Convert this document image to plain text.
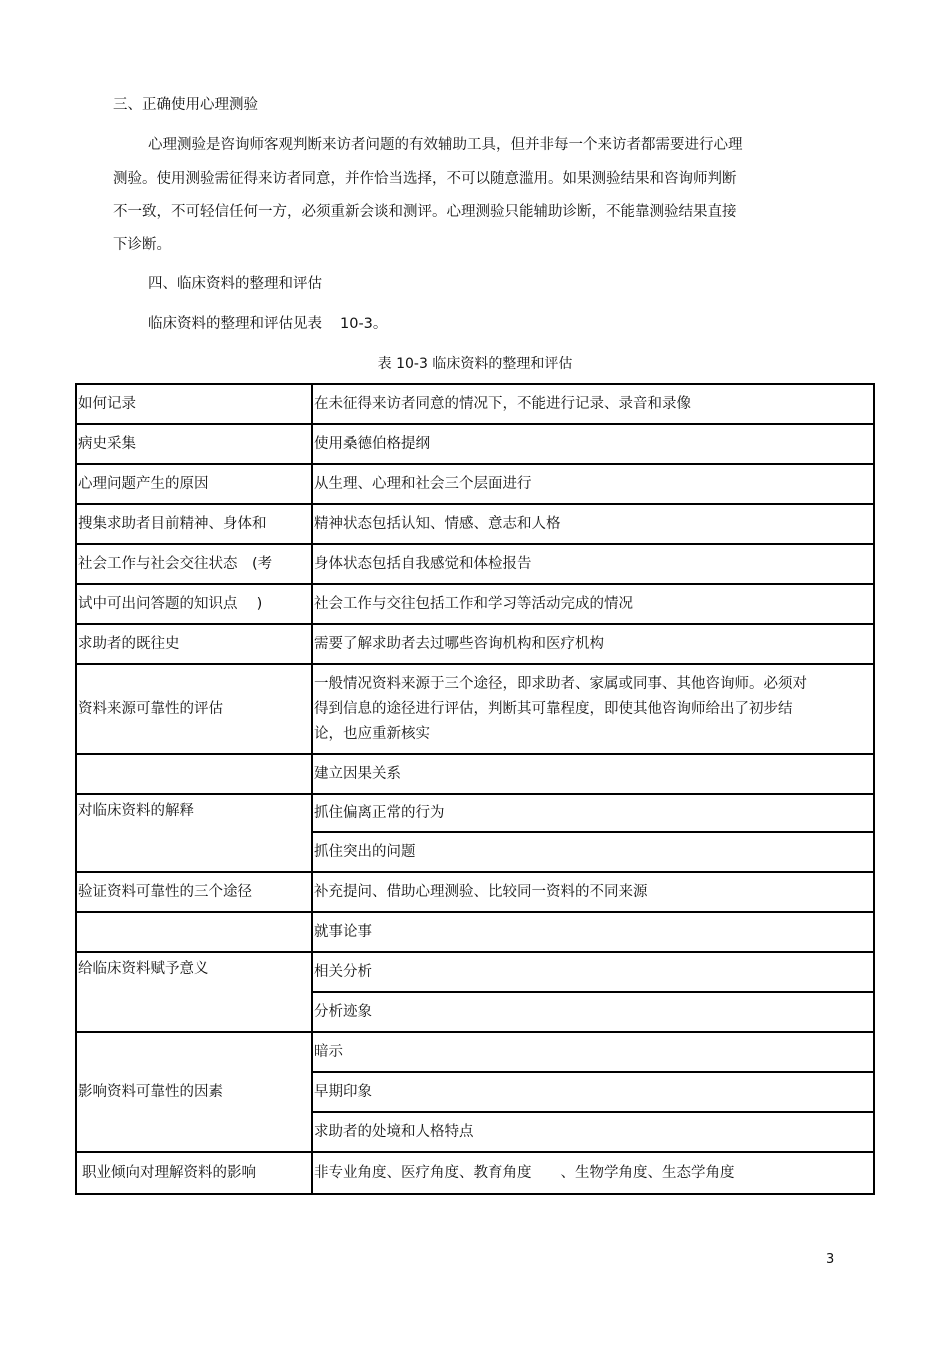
三、正确使用心理测验
心理测验是咨询师客观判断来访者问题的有效辅助工具，但并非每一个来访者都需要进行心理
测验。使用测验需征得来访者同意，并作恰当选择，不可以随意滥用。如果测验结果和咨询师判断
不一致，不可轻信任何一方，必须重新会谈和测评。心理测验只能辅助诊断，不能靠测验结果直接
下诊断。
四、临床资料的整理和评估
临床资料的整理和评估见表 10-3。
表 10-3 临床资料的整理和评估
如何记录	在未征得来访者同意的情况下，不能进行记录、录音和录像
病史采集	使用桑德伯格提纲
心理问题产生的原因	从生理、心理和社会三个层面进行
搜集求助者目前精神、身体和	精神状态包括认知、情感、意志和人格
社会工作与社会交往状态　(考	身体状态包括自我感觉和体检报告
试中可出问答题的知识点　 )	社会工作与交往包括工作和学习等活动完成的情况
求助者的既往史	需要了解求助者去过哪些咨询机构和医疗机构
资料来源可靠性的评估	一般情况资料来源于三个途径，即求助者、家属或同事、其他咨询师。必须对得到信息的途径进行评估，判断其可靠程度，即使其他咨询师给出了初步结论，也应重新核实
	建立因果关系
对临床资料的解释	抓住偏离正常的行为
	抓住突出的问题
验证资料可靠性的三个途径	补充提问、借助心理测验、比较同一资料的不同来源
	就事论事
给临床资料赋予意义	相关分析
	分析迹象
影响资料可靠性的因素	暗示
	早期印象
	求助者的处境和人格特点
职业倾向对理解资料的影响	非专业角度、医疗角度、教育角度　　、生物学角度、生态学角度
3
